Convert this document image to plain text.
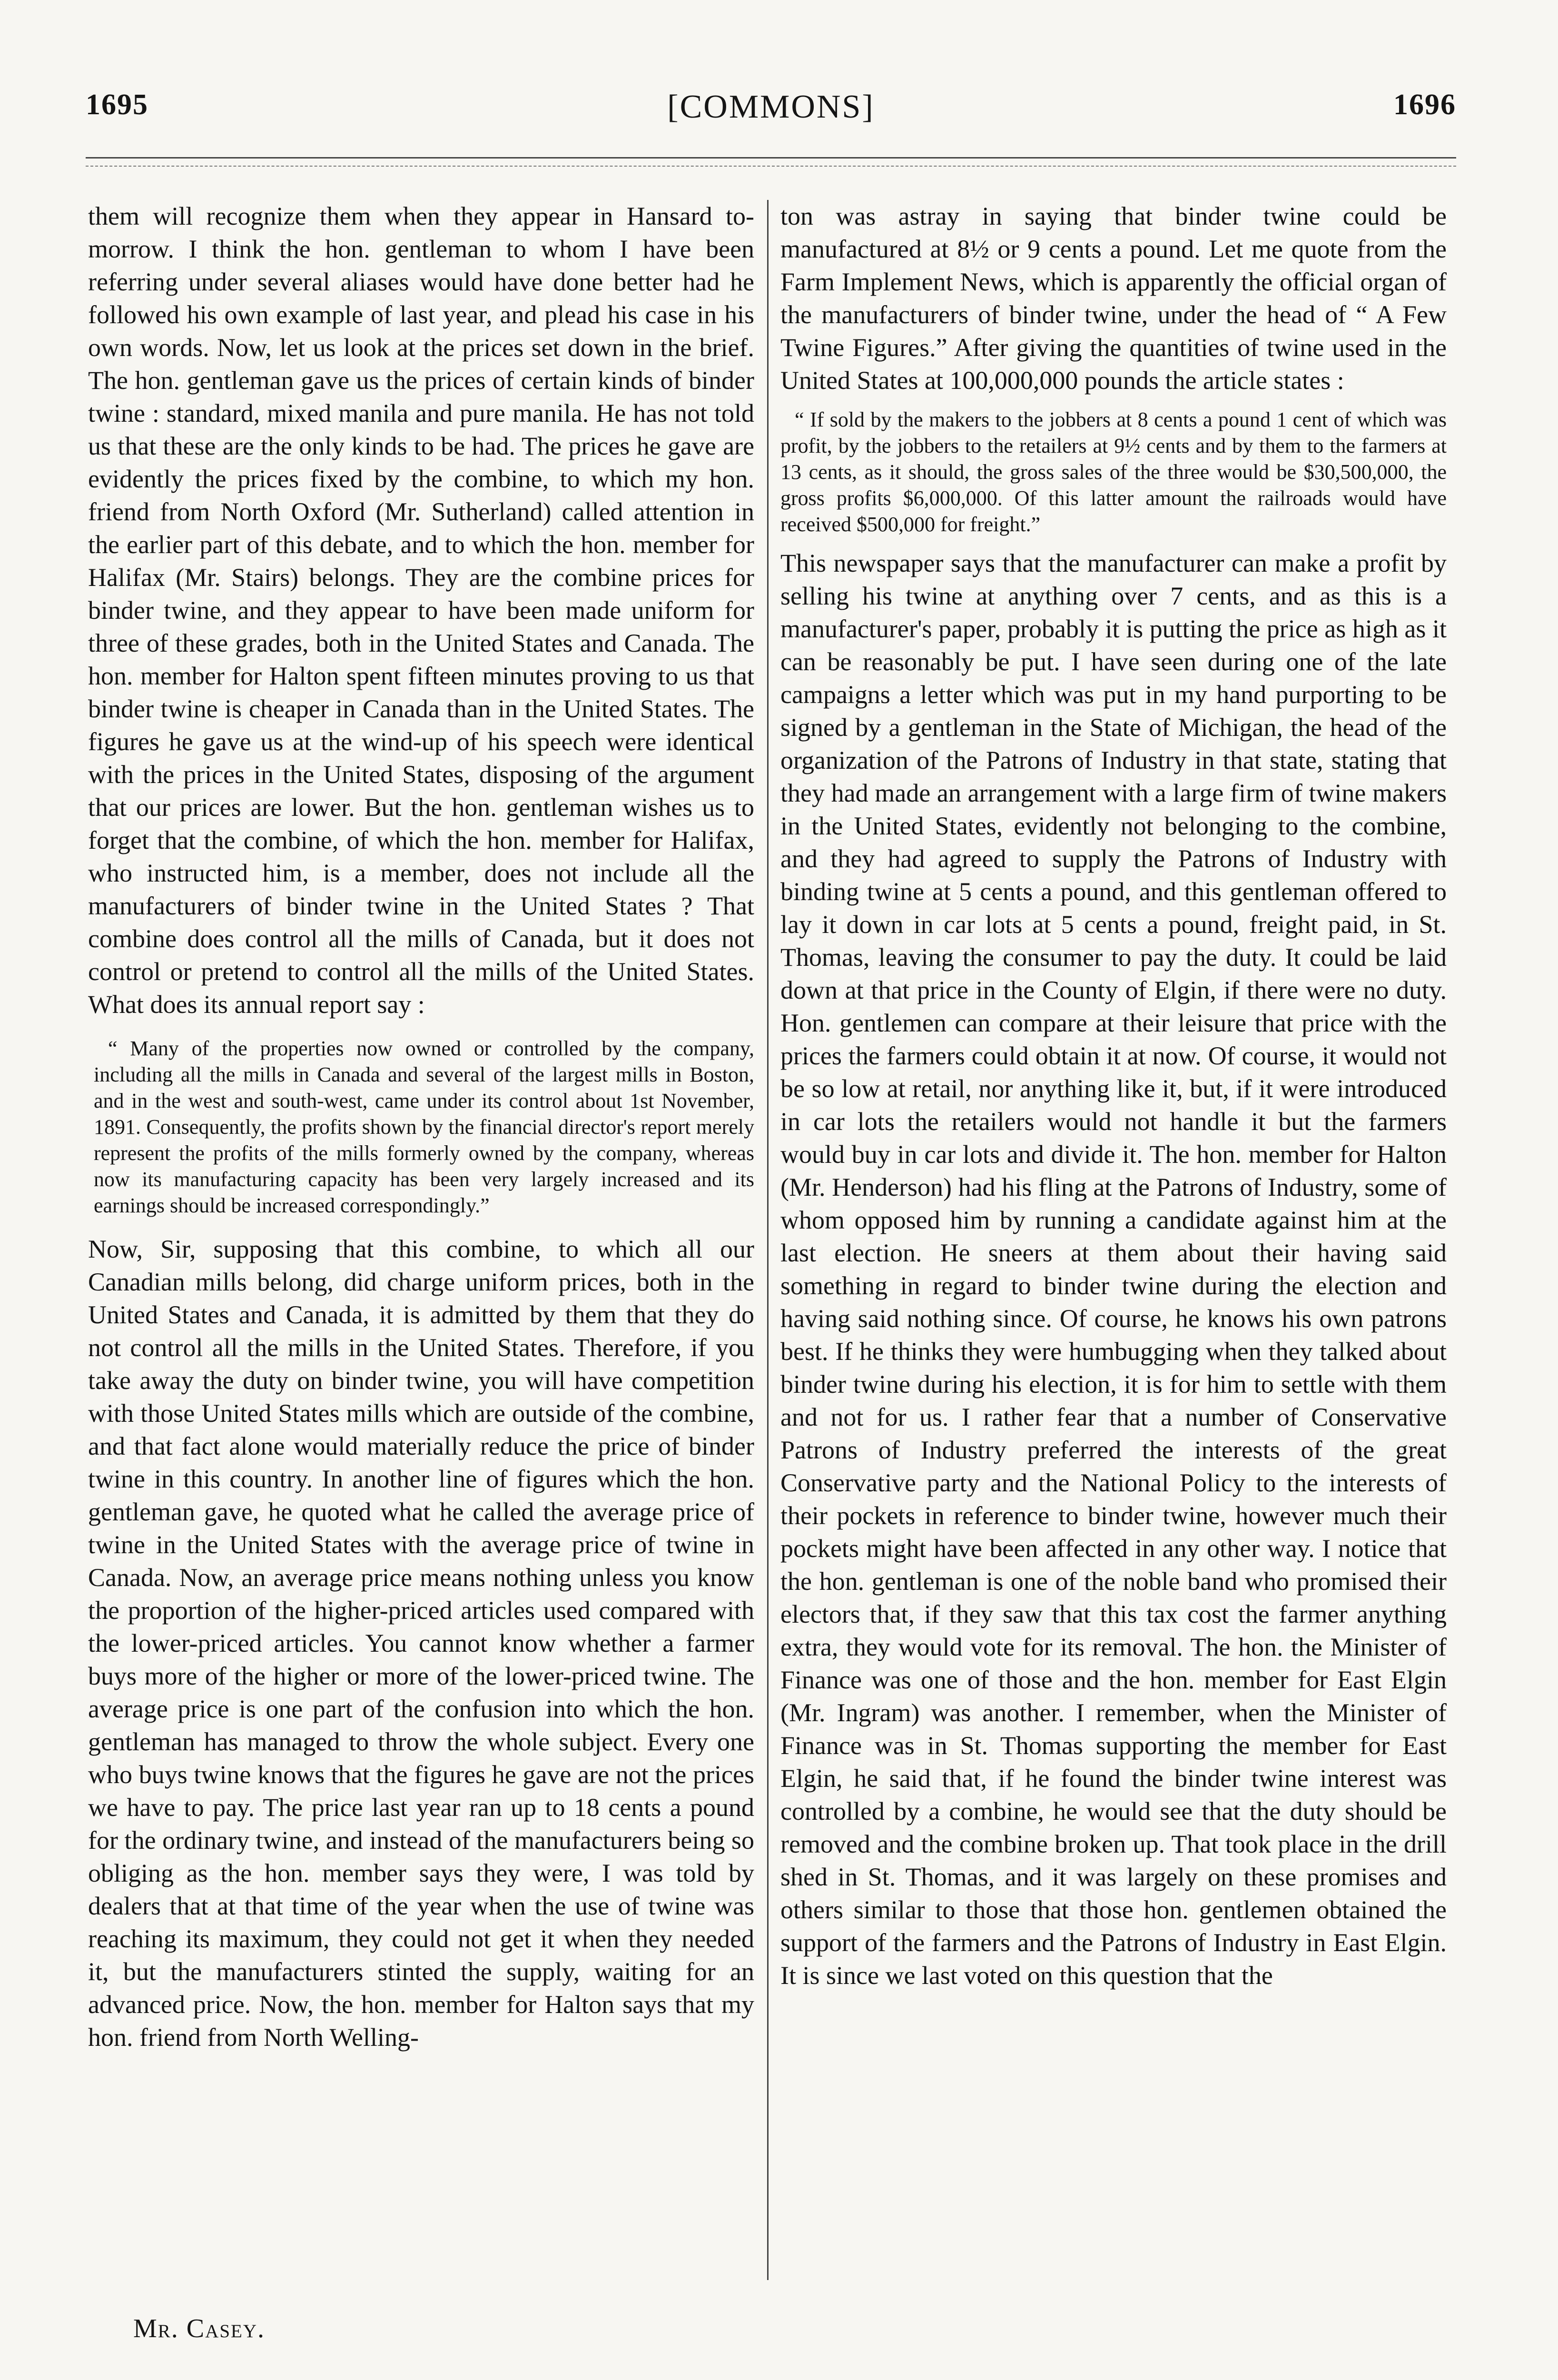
1695	[COMMONS]	1696

them will recognize them when they appear in Hansard to-morrow. I think the hon. gentleman to whom I have been referring under several aliases would have done better had he followed his own example of last year, and plead his case in his own words. Now, let us look at the prices set down in the brief. The hon. gentleman gave us the prices of certain kinds of binder twine : standard, mixed manila and pure manila. He has not told us that these are the only kinds to be had. The prices he gave are evidently the prices fixed by the combine, to which my hon. friend from North Oxford (Mr. Sutherland) called attention in the earlier part of this debate, and to which the hon. member for Halifax (Mr. Stairs) belongs. They are the combine prices for binder twine, and they appear to have been made uniform for three of these grades, both in the United States and Canada. The hon. member for Halton spent fifteen minutes proving to us that binder twine is cheaper in Canada than in the United States. The figures he gave us at the wind-up of his speech were identical with the prices in the United States, disposing of the argument that our prices are lower. But the hon. gentleman wishes us to forget that the combine, of which the hon. member for Halifax, who instructed him, is a member, does not include all the manufacturers of binder twine in the United States ? That combine does control all the mills of Canada, but it does not control or pretend to control all the mills of the United States. What does its annual report say :

“ Many of the properties now owned or controlled by the company, including all the mills in Canada and several of the largest mills in Boston, and in the west and south-west, came under its control about 1st November, 1891. Consequently, the profits shown by the financial director's report merely represent the profits of the mills formerly owned by the company, whereas now its manufacturing capacity has been very largely increased and its earnings should be increased correspondingly.”

Now, Sir, supposing that this combine, to which all our Canadian mills belong, did charge uniform prices, both in the United States and Canada, it is admitted by them that they do not control all the mills in the United States. Therefore, if you take away the duty on binder twine, you will have competition with those United States mills which are outside of the combine, and that fact alone would materially reduce the price of binder twine in this country. In another line of figures which the hon. gentleman gave, he quoted what he called the average price of twine in the United States with the average price of twine in Canada. Now, an average price means nothing unless you know the proportion of the higher-priced articles used compared with the lower-priced articles. You cannot know whether a farmer buys more of the higher or more of the lower-priced twine. The average price is one part of the confusion into which the hon. gentleman has managed to throw the whole subject. Every one who buys twine knows that the figures he gave are not the prices we have to pay. The price last year ran up to 18 cents a pound for the ordinary twine, and instead of the manufacturers being so obliging as the hon. member says they were, I was told by dealers that at that time of the year when the use of twine was reaching its maximum, they could not get it when they needed it, but the manufacturers stinted the supply, waiting for an advanced price. Now, the hon. member for Halton says that my hon. friend from North Welling-

ton was astray in saying that binder twine could be manufactured at 8½ or 9 cents a pound. Let me quote from the Farm Implement News, which is apparently the official organ of the manufacturers of binder twine, under the head of “ A Few Twine Figures.” After giving the quantities of twine used in the United States at 100,000,000 pounds the article states :

“ If sold by the makers to the jobbers at 8 cents a pound 1 cent of which was profit, by the jobbers to the retailers at 9½ cents and by them to the farmers at 13 cents, as it should, the gross sales of the three would be $30,500,000, the gross profits $6,000,000. Of this latter amount the railroads would have received $500,000 for freight.”

This newspaper says that the manufacturer can make a profit by selling his twine at anything over 7 cents, and as this is a manufacturer's paper, probably it is putting the price as high as it can be reasonably be put. I have seen during one of the late campaigns a letter which was put in my hand purporting to be signed by a gentleman in the State of Michigan, the head of the organization of the Patrons of Industry in that state, stating that they had made an arrangement with a large firm of twine makers in the United States, evidently not belonging to the combine, and they had agreed to supply the Patrons of Industry with binding twine at 5 cents a pound, and this gentleman offered to lay it down in car lots at 5 cents a pound, freight paid, in St. Thomas, leaving the consumer to pay the duty. It could be laid down at that price in the County of Elgin, if there were no duty. Hon. gentlemen can compare at their leisure that price with the prices the farmers could obtain it at now. Of course, it would not be so low at retail, nor anything like it, but, if it were introduced in car lots the retailers would not handle it but the farmers would buy in car lots and divide it. The hon. member for Halton (Mr. Henderson) had his fling at the Patrons of Industry, some of whom opposed him by running a candidate against him at the last election. He sneers at them about their having said something in regard to binder twine during the election and having said nothing since. Of course, he knows his own patrons best. If he thinks they were humbugging when they talked about binder twine during his election, it is for him to settle with them and not for us. I rather fear that a number of Conservative Patrons of Industry preferred the interests of the great Conservative party and the National Policy to the interests of their pockets in reference to binder twine, however much their pockets might have been affected in any other way. I notice that the hon. gentleman is one of the noble band who promised their electors that, if they saw that this tax cost the farmer anything extra, they would vote for its removal. The hon. the Minister of Finance was one of those and the hon. member for East Elgin (Mr. Ingram) was another. I remember, when the Minister of Finance was in St. Thomas supporting the member for East Elgin, he said that, if he found the binder twine interest was controlled by a combine, he would see that the duty should be removed and the combine broken up. That took place in the drill shed in St. Thomas, and it was largely on these promises and others similar to those that those hon. gentlemen obtained the support of the farmers and the Patrons of Industry in East Elgin. It is since we last voted on this question that the

Mr. Casey.
